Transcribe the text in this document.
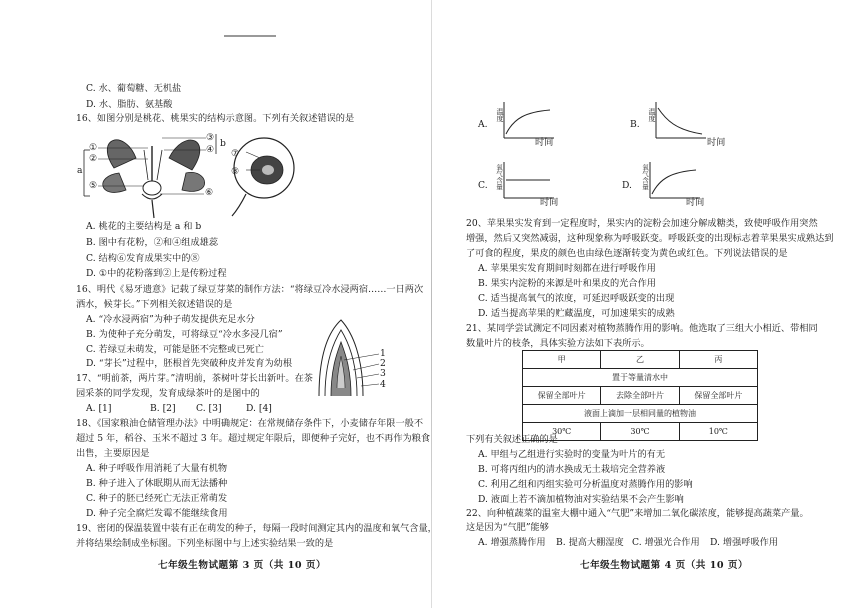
C. 水、葡萄糖、无机盐
D. 水、脂肪、氨基酸
16、如图分别是桃花、桃果实的结构示意图。下列有关叙述错误的是
①
②
a
⑤
③
④
b
⑥
⑦
⑧
A. 桃花的主要结构是 a 和 b
B. 图中有花粉，②和④组成雄蕊
C. 结构⑥发育成果实中的⑧
D. ①中的花粉落到②上是传粉过程
16、明代《易牙遗意》记载了绿豆芽菜的制作方法：“将绿豆冷水浸两宿……一日两次
洒水，候芽长。”下列相关叙述错误的是
A. “冷水浸两宿”为种子萌发提供充足水分
B. 为使种子充分萌发，可将绿豆“冷水多浸几宿”
C. 若绿豆未萌发，可能是胚不完整或已死亡
D. “芽长”过程中，胚根首先突破种皮并发育为幼根
1
2
3
4
17、“明前茶，两片芽。”清明前，茶树叶芽长出新叶。在茶
园采茶的同学发现，发育成绿茶叶的是图中的
A. [1]	B. [2] C. [3]	D. [4]
18、《国家粮油仓储管理办法》中明确规定：在常规储存条件下，小麦储存年限一般不
超过 5 年，稻谷、玉米不超过 3 年。超过规定年限后，即便种子完好，也不再作为粮食
出售，主要原因是
A. 种子呼吸作用消耗了大量有机物
B. 种子进入了休眠期从而无法播种
C. 种子的胚已经死亡无法正常萌发
D. 种子完全腐烂发霉不能继续食用
19、密闭的保温装置中装有正在萌发的种子，每隔一段时间测定其内的温度和氧气含量，
并将结果绘制成坐标图。下列坐标图中与上述实验结果一致的是
七年级生物试题第 3 页（共 10 页）
A.
温度
时间
B.
温度
时间
C.	氧气含量
时间
D.	氧气含量
时间
20、苹果果实发育到一定程度时，果实内的淀粉会加速分解成糖类，致使呼吸作用突然
增强，然后又突然减弱，这种现象称为呼吸跃变。呼吸跃变的出现标志着苹果果实成熟达到
了可食的程度，果皮的颜色也由绿色逐渐转变为黄色或红色。下列说法错误的是
A. 苹果果实发育期间时刻都在进行呼吸作用
B. 果实内淀粉的来源是叶和果皮的光合作用
C. 适当提高氧气的浓度，可延迟呼吸跃变的出现
D. 适当提高苹果的贮藏温度，可加速果实的成熟
21、某同学尝试测定不同因素对植物蒸腾作用的影响。他选取了三组大小相近、带相同
数量叶片的枝条，具体实验方法如下表所示。
甲	乙	丙
置于等量清水中		
保留全部叶片	去除全部叶片	保留全部叶片
液面上滴加一层相同量的植物油		
30℃	30℃	10℃
下列有关叙述正确的是
A. 甲组与乙组进行实验时的变量为叶片的有无
B. 可将丙组内的清水换成无土栽培完全营养液
C. 利用乙组和丙组实验可分析温度对蒸腾作用的影响
D. 液面上若不滴加植物油对实验结果不会产生影响
22、向种植蔬菜的温室大棚中通入“气肥”来增加二氧化碳浓度，能够提高蔬菜产量。
这是因为“气肥”能够
A. 增强蒸腾作用 B. 提高大棚湿度 C. 增强光合作用 D. 增强呼吸作用
七年级生物试题第 4 页（共 10 页）
